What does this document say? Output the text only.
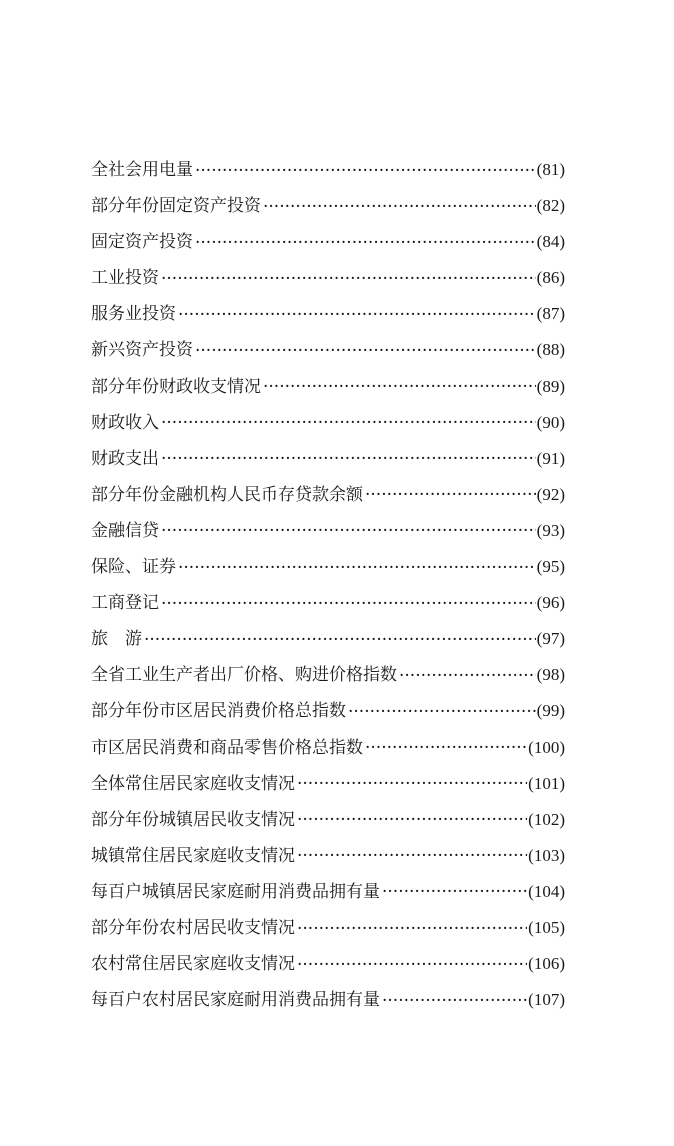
全社会用电量 ·····	(81)
部分年份固定资产投资 ·····	(82)
固定资产投资 ·····	(84)
工业投资 ·····	(86)
服务业投资 ·····	(87)
新兴资产投资 ·····	(88)
部分年份财政收支情况 ·····	(89)
财政收入 ·····	(90)
财政支出 ·····	(91)
部分年份金融机构人民币存贷款余额 ·····	(92)
金融信贷 ·····	(93)
保险、证券 ·····	(95)
工商登记 ·····	(96)
旅　游 ·····	(97)
全省工业生产者出厂价格、购进价格指数 ·····	(98)
部分年份市区居民消费价格总指数 ·····	(99)
市区居民消费和商品零售价格总指数 ·····	(100)
全体常住居民家庭收支情况 ·····	(101)
部分年份城镇居民收支情况 ·····	(102)
城镇常住居民家庭收支情况 ·····	(103)
每百户城镇居民家庭耐用消费品拥有量 ·····	(104)
部分年份农村居民收支情况 ·····	(105)
农村常住居民家庭收支情况 ·····	(106)
每百户农村居民家庭耐用消费品拥有量 ·····	(107)
